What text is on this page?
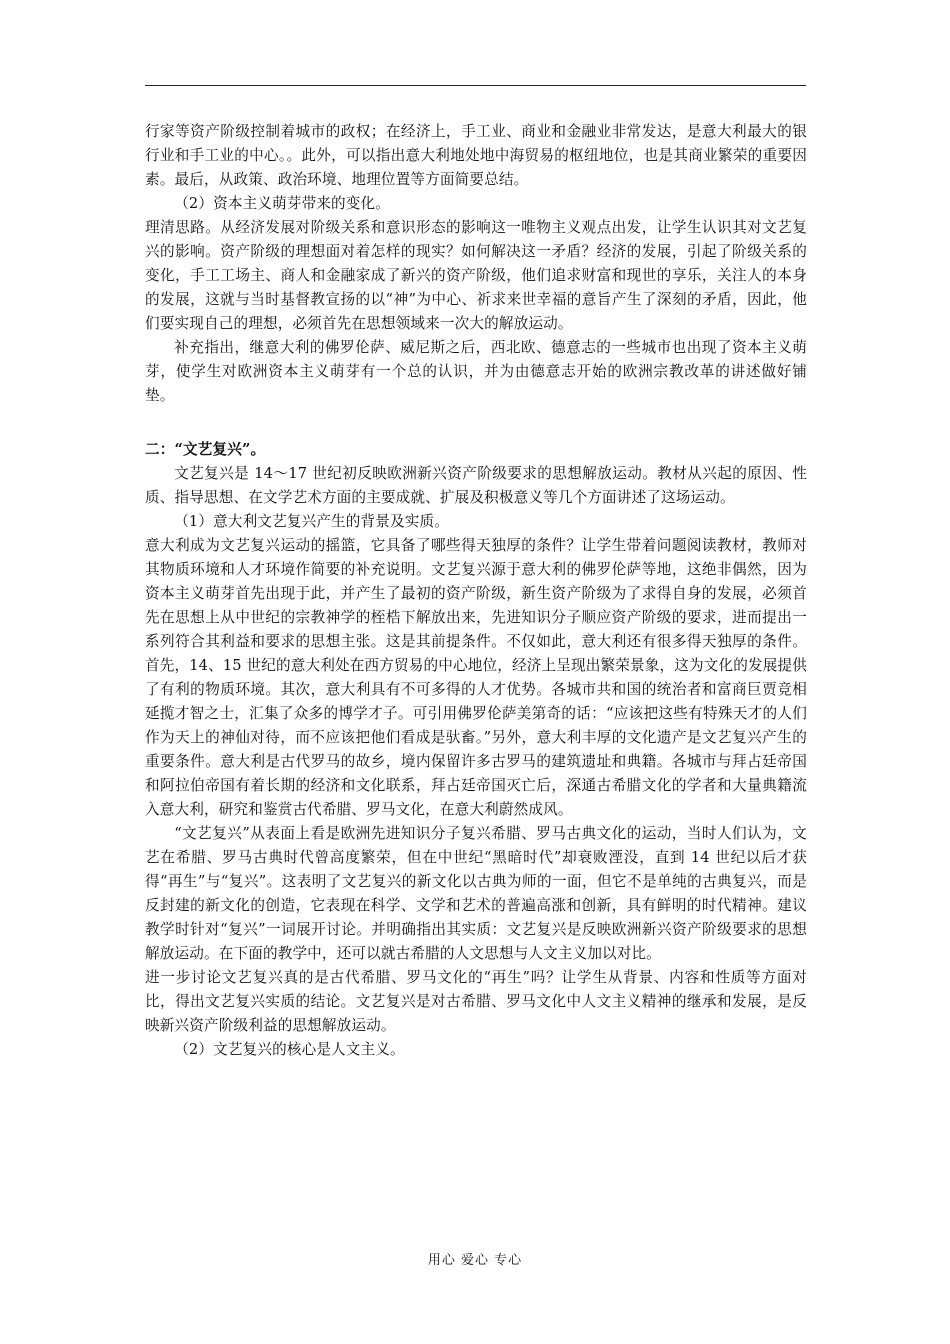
行家等资产阶级控制着城市的政权；在经济上，手工业、商业和金融业非常发达，是意大利最大的银行业和手工业的中心。。此外，可以指出意大利地处地中海贸易的枢纽地位，也是其商业繁荣的重要因素。最后，从政策、政治环境、地理位置等方面简要总结。

（2）资本主义萌芽带来的变化。

理清思路。从经济发展对阶级关系和意识形态的影响这一唯物主义观点出发，让学生认识其对文艺复兴的影响。资产阶级的理想面对着怎样的现实？如何解决这一矛盾？经济的发展，引起了阶级关系的变化，手工工场主、商人和金融家成了新兴的资产阶级，他们追求财富和现世的享乐，关注人的本身的发展，这就与当时基督教宣扬的以“神”为中心、祈求来世幸福的意旨产生了深刻的矛盾，因此，他们要实现自己的理想，必须首先在思想领域来一次大的解放运动。

补充指出，继意大利的佛罗伦萨、威尼斯之后，西北欧、德意志的一些城市也出现了资本主义萌芽，使学生对欧洲资本主义萌芽有一个总的认识，并为由德意志开始的欧洲宗教改革的讲述做好铺垫。

二：“文艺复兴”。

文艺复兴是 14～17 世纪初反映欧洲新兴资产阶级要求的思想解放运动。教材从兴起的原因、性质、指导思想、在文学艺术方面的主要成就、扩展及积极意义等几个方面讲述了这场运动。

（1）意大利文艺复兴产生的背景及实质。

意大利成为文艺复兴运动的摇篮，它具备了哪些得天独厚的条件？让学生带着问题阅读教材，教师对其物质环境和人才环境作简要的补充说明。文艺复兴源于意大利的佛罗伦萨等地，这绝非偶然，因为资本主义萌芽首先出现于此，并产生了最初的资产阶级，新生资产阶级为了求得自身的发展，必须首先在思想上从中世纪的宗教神学的桎梏下解放出来，先进知识分子顺应资产阶级的要求，进而提出一系列符合其利益和要求的思想主张。这是其前提条件。不仅如此，意大利还有很多得天独厚的条件。首先，14、15 世纪的意大利处在西方贸易的中心地位，经济上呈现出繁荣景象，这为文化的发展提供了有利的物质环境。其次，意大利具有不可多得的人才优势。各城市共和国的统治者和富商巨贾竞相延揽才智之士，汇集了众多的博学才子。可引用佛罗伦萨美第奇的话：“应该把这些有特殊天才的人们作为天上的神仙对待，而不应该把他们看成是驮畜。”另外，意大利丰厚的文化遗产是文艺复兴产生的重要条件。意大利是古代罗马的故乡，境内保留许多古罗马的建筑遗址和典籍。各城市与拜占廷帝国和阿拉伯帝国有着长期的经济和文化联系，拜占廷帝国灭亡后，深通古希腊文化的学者和大量典籍流入意大利，研究和鉴赏古代希腊、罗马文化，在意大利蔚然成风。

“文艺复兴”从表面上看是欧洲先进知识分子复兴希腊、罗马古典文化的运动，当时人们认为，文艺在希腊、罗马古典时代曾高度繁荣，但在中世纪“黑暗时代”却衰败湮没，直到 14 世纪以后才获得“再生”与“复兴”。这表明了文艺复兴的新文化以古典为师的一面，但它不是单纯的古典复兴，而是反封建的新文化的创造，它表现在科学、文学和艺术的普遍高涨和创新，具有鲜明的时代精神。建议教学时针对“复兴”一词展开讨论。并明确指出其实质：文艺复兴是反映欧洲新兴资产阶级要求的思想解放运动。在下面的教学中，还可以就古希腊的人文思想与人文主义加以对比。

进一步讨论文艺复兴真的是古代希腊、罗马文化的“再生”吗？让学生从背景、内容和性质等方面对比，得出文艺复兴实质的结论。文艺复兴是对古希腊、罗马文化中人文主义精神的继承和发展，是反映新兴资产阶级利益的思想解放运动。

（2）文艺复兴的核心是人文主义。

用心 爱心 专心
